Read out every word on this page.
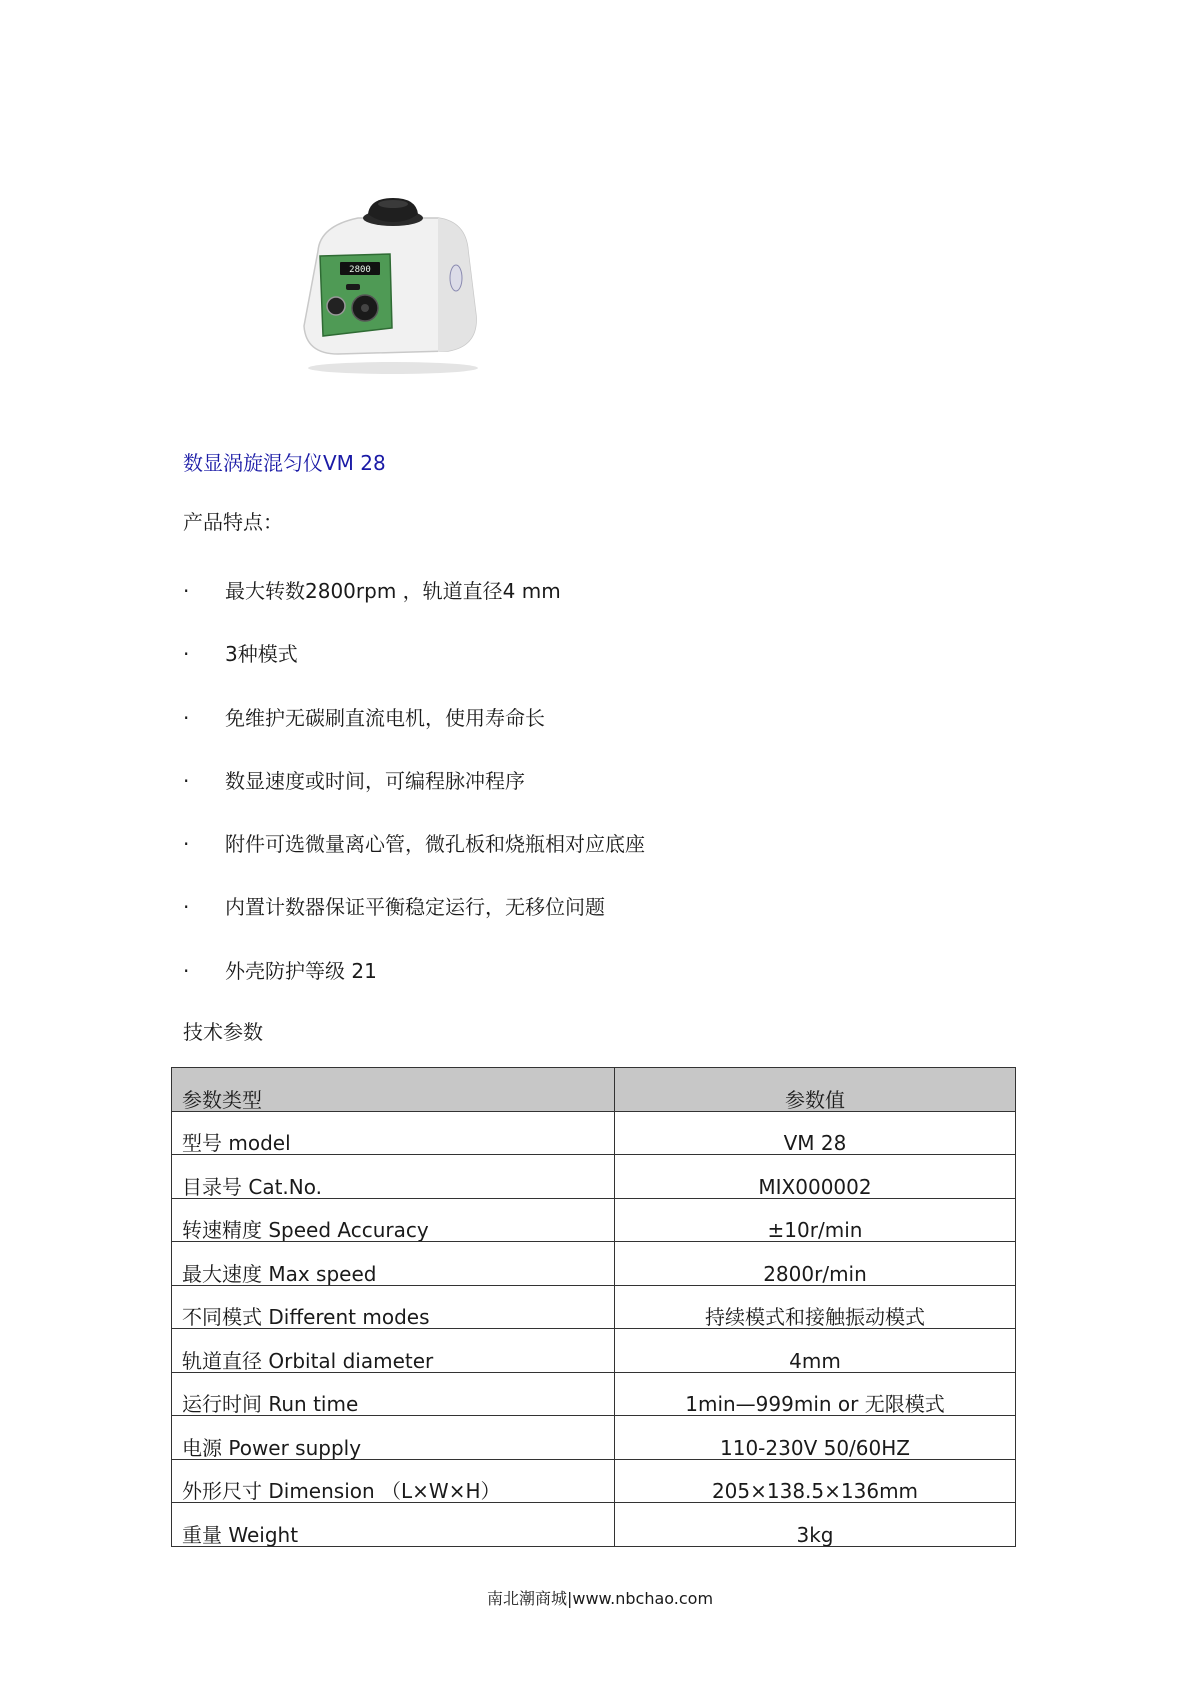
2800
数显涡旋混匀仪VM 28

产品特点：

·	最大转数2800rpm ，轨道直径4 mm
·	3种模式
·	免维护无碳刷直流电机，使用寿命长
·	数显速度或时间，可编程脉冲程序
·	附件可选微量离心管，微孔板和烧瓶相对应底座
·	内置计数器保证平衡稳定运行，无移位问题
·	外壳防护等级 21

技术参数

参数类型	参数值
型号 model	VM 28
目录号 Cat.No.	MIX000002
转速精度 Speed Accuracy	±10r/min
最大速度 Max speed	2800r/min
不同模式 Different modes	持续模式和接触振动模式
轨道直径 Orbital diameter	4mm
运行时间 Run time	1min—999min or 无限模式
电源 Power supply	110-230V 50/60HZ
外形尺寸 Dimension （L×W×H）	205×138.5×136mm
重量 Weight	3kg
南北潮商城|www.nbchao.com
